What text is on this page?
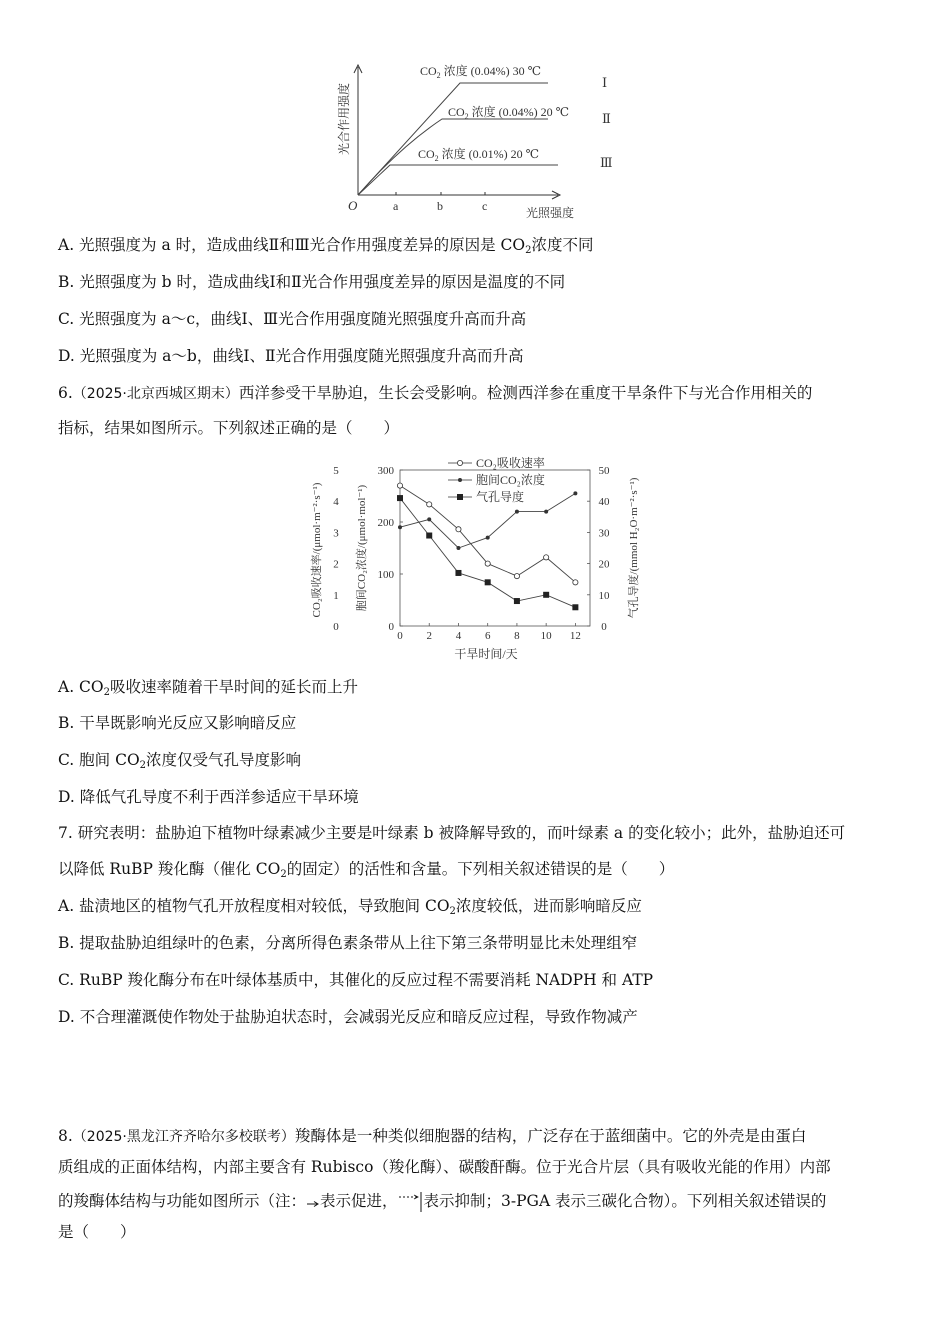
光合作用强度
O	a	b	c	光照强度
$CO_2$ 浓度 (0.04%) 30 ℃
$CO_2$ 浓度 (0.04%) 20 ℃
$CO_2$ 浓度 (0.01%) 20 ℃
Ⅰ
Ⅱ
Ⅲ
A. 光照强度为 a 时，造成曲线Ⅱ和Ⅲ光合作用强度差异的原因是 $CO_2$浓度不同
B. 光照强度为 b 时，造成曲线Ⅰ和Ⅱ光合作用强度差异的原因是温度的不同
C. 光照强度为 a～c，曲线Ⅰ、Ⅲ光合作用强度随光照强度升高而升高
D. 光照强度为 a～b，曲线Ⅰ、Ⅱ光合作用强度随光照强度升高而升高
6.（2025·北京西城区期末）西洋参受干旱胁迫，生长会受影响。检测西洋参在重度干旱条件下与光合作用相关的
指标，结果如图所示。下列叙述正确的是（　　）
CO₂吸收速率/(μmol·m⁻²·s⁻¹)	胞间CO₂浓度/(μmol·mol⁻¹)	气孔导度/(mmol H₂O·m⁻²·s⁻¹)
干旱时间/天
CO₂吸收速率
胞间CO₂浓度
气孔导度
0
1
2
3
4
5
0
100
200
300
0
10
20
30
40
50
0 2 4 6 8 10 12
A. $CO_2$吸收速率随着干旱时间的延长而上升
B. 干旱既影响光反应又影响暗反应
C. 胞间 $CO_2$浓度仅受气孔导度影响
D. 降低气孔导度不利于西洋参适应干旱环境
7. 研究表明：盐胁迫下植物叶绿素减少主要是叶绿素 b 被降解导致的，而叶绿素 a 的变化较小；此外，盐胁迫还可
以降低 RuBP 羧化酶（催化 $CO_2$的固定）的活性和含量。下列相关叙述错误的是（　　）
A. 盐渍地区的植物气孔开放程度相对较低，导致胞间 $CO_2$浓度较低，进而影响暗反应
B. 提取盐胁迫组绿叶的色素，分离所得色素条带从上往下第三条带明显比未处理组窄
C. RuBP 羧化酶分布在叶绿体基质中，其催化的反应过程不需要消耗 NADPH 和 ATP
D. 不合理灌溉使作物处于盐胁迫状态时，会减弱光反应和暗反应过程，导致作物减产
8.（2025·黑龙江齐齐哈尔多校联考）羧酶体是一种类似细胞器的结构，广泛存在于蓝细菌中。它的外壳是由蛋白
质组成的正面体结构，内部主要含有 Rubisco（羧化酶）、碳酸酐酶。位于光合片层（具有吸收光能的作用）内部
的羧酶体结构与功能如图所示（注： 表示促进， 表示抑制；3-PGA 表示三碳化合物）。下列相关叙述错误的
是（　　）
